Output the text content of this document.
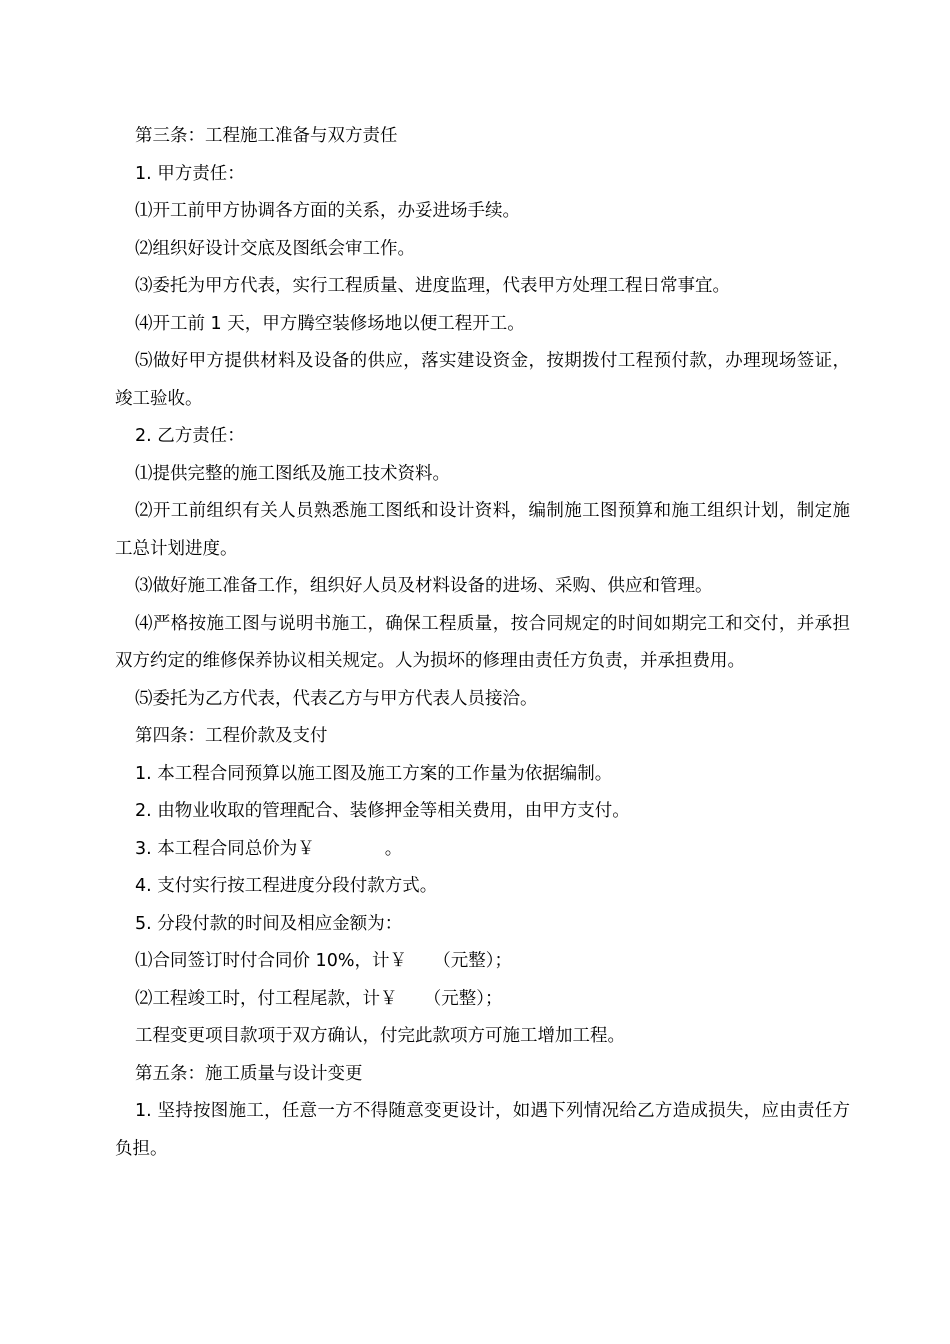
第三条：工程施工准备与双方责任

1. 甲方责任：

⑴开工前甲方协调各方面的关系，办妥进场手续。

⑵组织好设计交底及图纸会审工作。

⑶委托为甲方代表，实行工程质量、进度监理，代表甲方处理工程日常事宜。

⑷开工前 1 天，甲方腾空装修场地以便工程开工。

⑸做好甲方提供材料及设备的供应，落实建设资金，按期拨付工程预付款，办理现场签证，竣工验收。

2. 乙方责任：

⑴提供完整的施工图纸及施工技术资料。

⑵开工前组织有关人员熟悉施工图纸和设计资料，编制施工图预算和施工组织计划，制定施工总计划进度。

⑶做好施工准备工作，组织好人员及材料设备的进场、采购、供应和管理。

⑷严格按施工图与说明书施工，确保工程质量，按合同规定的时间如期完工和交付，并承担双方约定的维修保养协议相关规定。人为损坏的修理由责任方负责，并承担费用。

⑸委托为乙方代表，代表乙方与甲方代表人员接洽。

第四条：工程价款及支付

1. 本工程合同预算以施工图及施工方案的工作量为依据编制。

2. 由物业收取的管理配合、装修押金等相关费用，由甲方支付。

3. 本工程合同总价为￥　　　　。

4. 支付实行按工程进度分段付款方式。

5. 分段付款的时间及相应金额为：

⑴合同签订时付合同价 10%，计￥　　（元整）；

⑵工程竣工时，付工程尾款，计￥　　（元整）；

工程变更项目款项于双方确认，付完此款项方可施工增加工程。

第五条：施工质量与设计变更

1. 坚持按图施工，任意一方不得随意变更设计，如遇下列情况给乙方造成损失，应由责任方负担。
